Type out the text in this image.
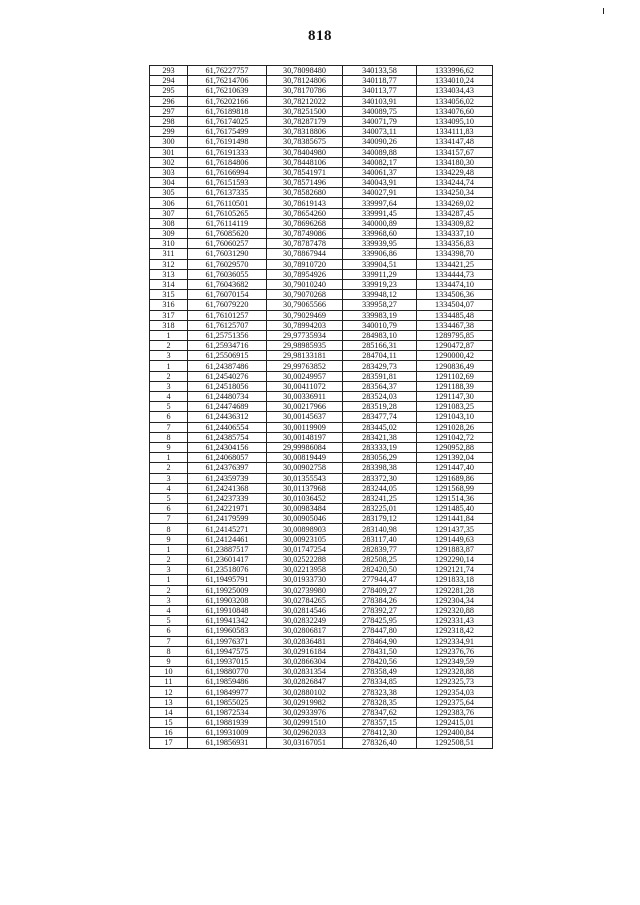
818
293	61,76227757	30,78098480	340133,58	1333996,62
294	61,76214706	30,78124806	340118,77	1334010,24
295	61,76210639	30,78170786	340113,77	1334034,43
296	61,76202166	30,78212022	340103,91	1334056,02
297	61,76189818	30,78251500	340089,75	1334076,60
298	61,76174025	30,78287179	340071,79	1334095,10
299	61,76175499	30,78318806	340073,11	1334111,83
300	61,76191498	30,78385675	340090,26	1334147,48
301	61,76191333	30,78404980	340089,88	1334157,67
302	61,76184806	30,78448106	340082,17	1334180,30
303	61,76166994	30,78541971	340061,37	1334229,48
304	61,76151593	30,78571496	340043,91	1334244,74
305	61,76137335	30,78582680	340027,91	1334250,34
306	61,76110501	30,78619143	339997,64	1334269,02
307	61,76105265	30,78654260	339991,45	1334287,45
308	61,76114119	30,78696268	340000,89	1334309,82
309	61,76085620	30,78749086	339968,60	1334337,10
310	61,76060257	30,78787478	339939,95	1334356,83
311	61,76031290	30,78867944	339906,86	1334398,70
312	61,76029570	30,78910720	339904,51	1334421,25
313	61,76036055	30,78954926	339911,29	1334444,73
314	61,76043682	30,79010240	339919,23	1334474,10
315	61,76070154	30,79070268	339948,12	1334506,36
316	61,76079220	30,79065566	339958,27	1334504,07
317	61,76101257	30,79029469	339983,19	1334485,48
318	61,76125707	30,78994203	340010,79	1334467,38
1	61,25751356	29,97735934	284983,10	1289795,85
2	61,25934716	29,98985935	285166,31	1290472,87
3	61,25506915	29,98133181	284704,11	1290000,42
1	61,24387486	29,99763852	283429,73	1290836,49
2	61,24540276	30,00249957	283591,81	1291102,69
3	61,24518056	30,00411072	283564,37	1291188,39
4	61,24480734	30,00336911	283524,03	1291147,30
5	61,24474689	30,00217966	283519,28	1291083,25
6	61,24436312	30,00145637	283477,74	1291043,10
7	61,24406554	30,00119909	283445,02	1291028,26
8	61,24385754	30,00148197	283421,38	1291042,72
9	61,24304156	29,99986084	283333,19	1290952,88
1	61,24068057	30,00819449	283056,29	1291392,04
2	61,24376397	30,00902758	283398,38	1291447,40
3	61,24359739	30,01355543	283372,30	1291689,86
4	61,24241368	30,01137968	283244,05	1291568,99
5	61,24237339	30,01036452	283241,25	1291514,36
6	61,24221971	30,00983484	283225,01	1291485,40
7	61,24179599	30,00905046	283179,12	1291441,84
8	61,24145271	30,00898903	283140,98	1291437,35
9	61,24124461	30,00923105	283117,40	1291449,63
1	61,23887517	30,01747254	282839,77	1291883,87
2	61,23601417	30,02522288	282508,25	1292290,14
3	61,23518076	30,02213958	282420,50	1292121,74
1	61,19495791	30,01933730	277944,47	1291833,18
2	61,19925009	30,02739980	278409,27	1292281,28
3	61,19903208	30,02784265	278384,26	1292304,34
4	61,19910848	30,02814546	278392,27	1292320,88
5	61,19941342	30,02832249	278425,95	1292331,43
6	61,19960583	30,02806817	278447,80	1292318,42
7	61,19976371	30,02836481	278464,90	1292334,91
8	61,19947575	30,02916184	278431,50	1292376,76
9	61,19937015	30,02866304	278420,56	1292349,59
10	61,19880770	30,02831354	278358,49	1292328,88
11	61,19859486	30,02826847	278334,85	1292325,73
12	61,19849977	30,02880102	278323,38	1292354,03
13	61,19855025	30,02919982	278328,35	1292375,64
14	61,19872534	30,02933976	278347,62	1292383,76
15	61,19881939	30,02991510	278357,15	1292415,01
16	61,19931009	30,02962033	278412,30	1292400,84
17	61,19856931	30,03167051	278326,40	1292508,51
